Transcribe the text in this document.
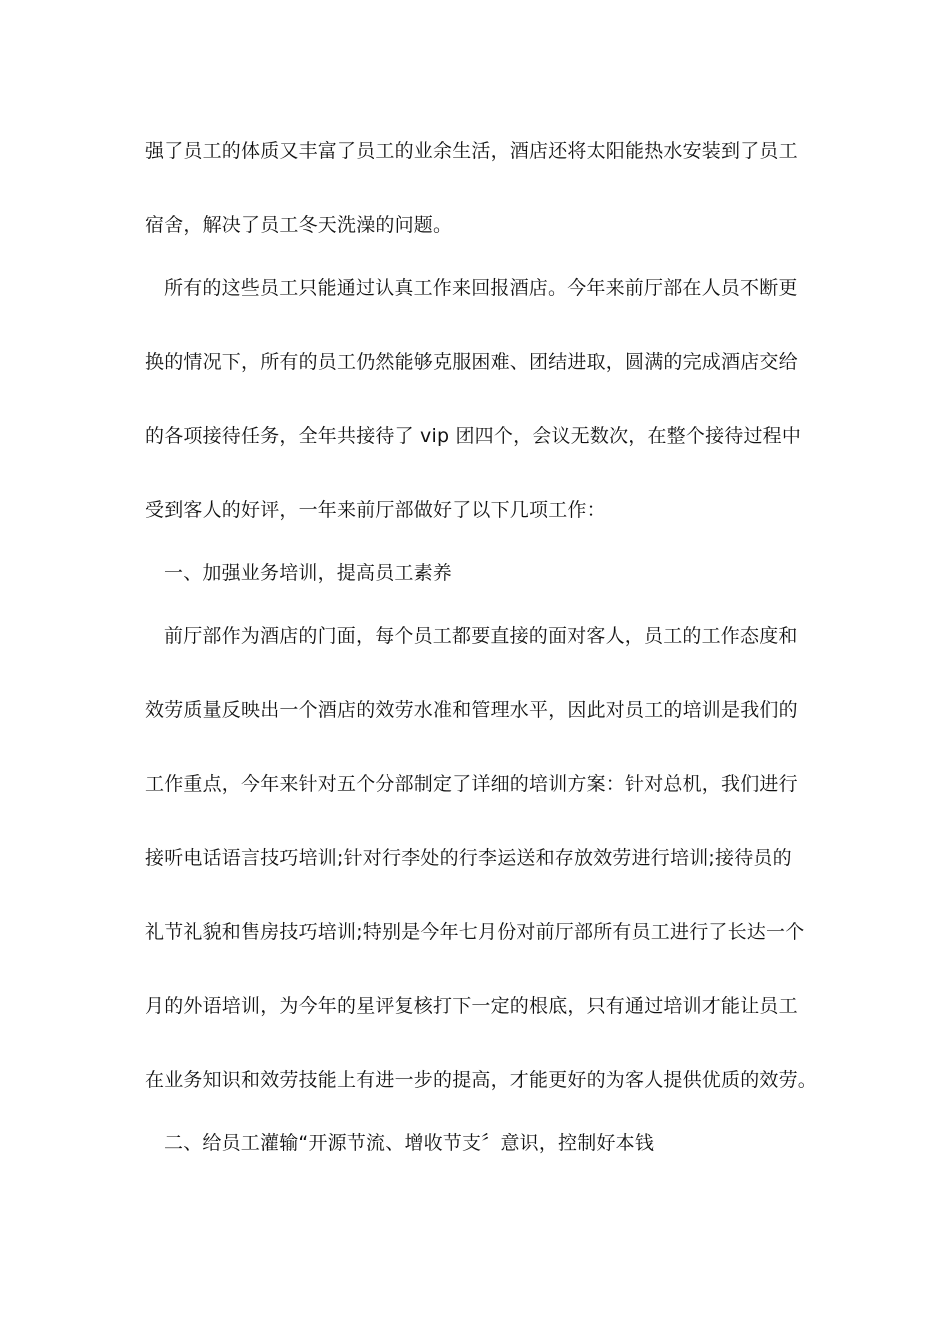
强了员工的体质又丰富了员工的业余生活，酒店还将太阳能热水安装到了员工
宿舍，解决了员工冬天洗澡的问题。
所有的这些员工只能通过认真工作来回报酒店。今年来前厅部在人员不断更
换的情况下，所有的员工仍然能够克服困难、团结进取，圆满的完成酒店交给
的各项接待任务，全年共接待了 vip 团四个，会议无数次，在整个接待过程中
受到客人的好评，一年来前厅部做好了以下几项工作：
一、加强业务培训，提高员工素养
前厅部作为酒店的门面，每个员工都要直接的面对客人，员工的工作态度和
效劳质量反映出一个酒店的效劳水准和管理水平，因此对员工的培训是我们的
工作重点，今年来针对五个分部制定了详细的培训方案：针对总机，我们进行
接听电话语言技巧培训;针对行李处的行李运送和存放效劳进行培训;接待员的
礼节礼貌和售房技巧培训;特别是今年七月份对前厅部所有员工进行了长达一个
月的外语培训，为今年的星评复核打下一定的根底，只有通过培训才能让员工
在业务知识和效劳技能上有进一步的提高，才能更好的为客人提供优质的效劳。
二、给员工灌输“开源节流、增收节支〞意识，控制好本钱
